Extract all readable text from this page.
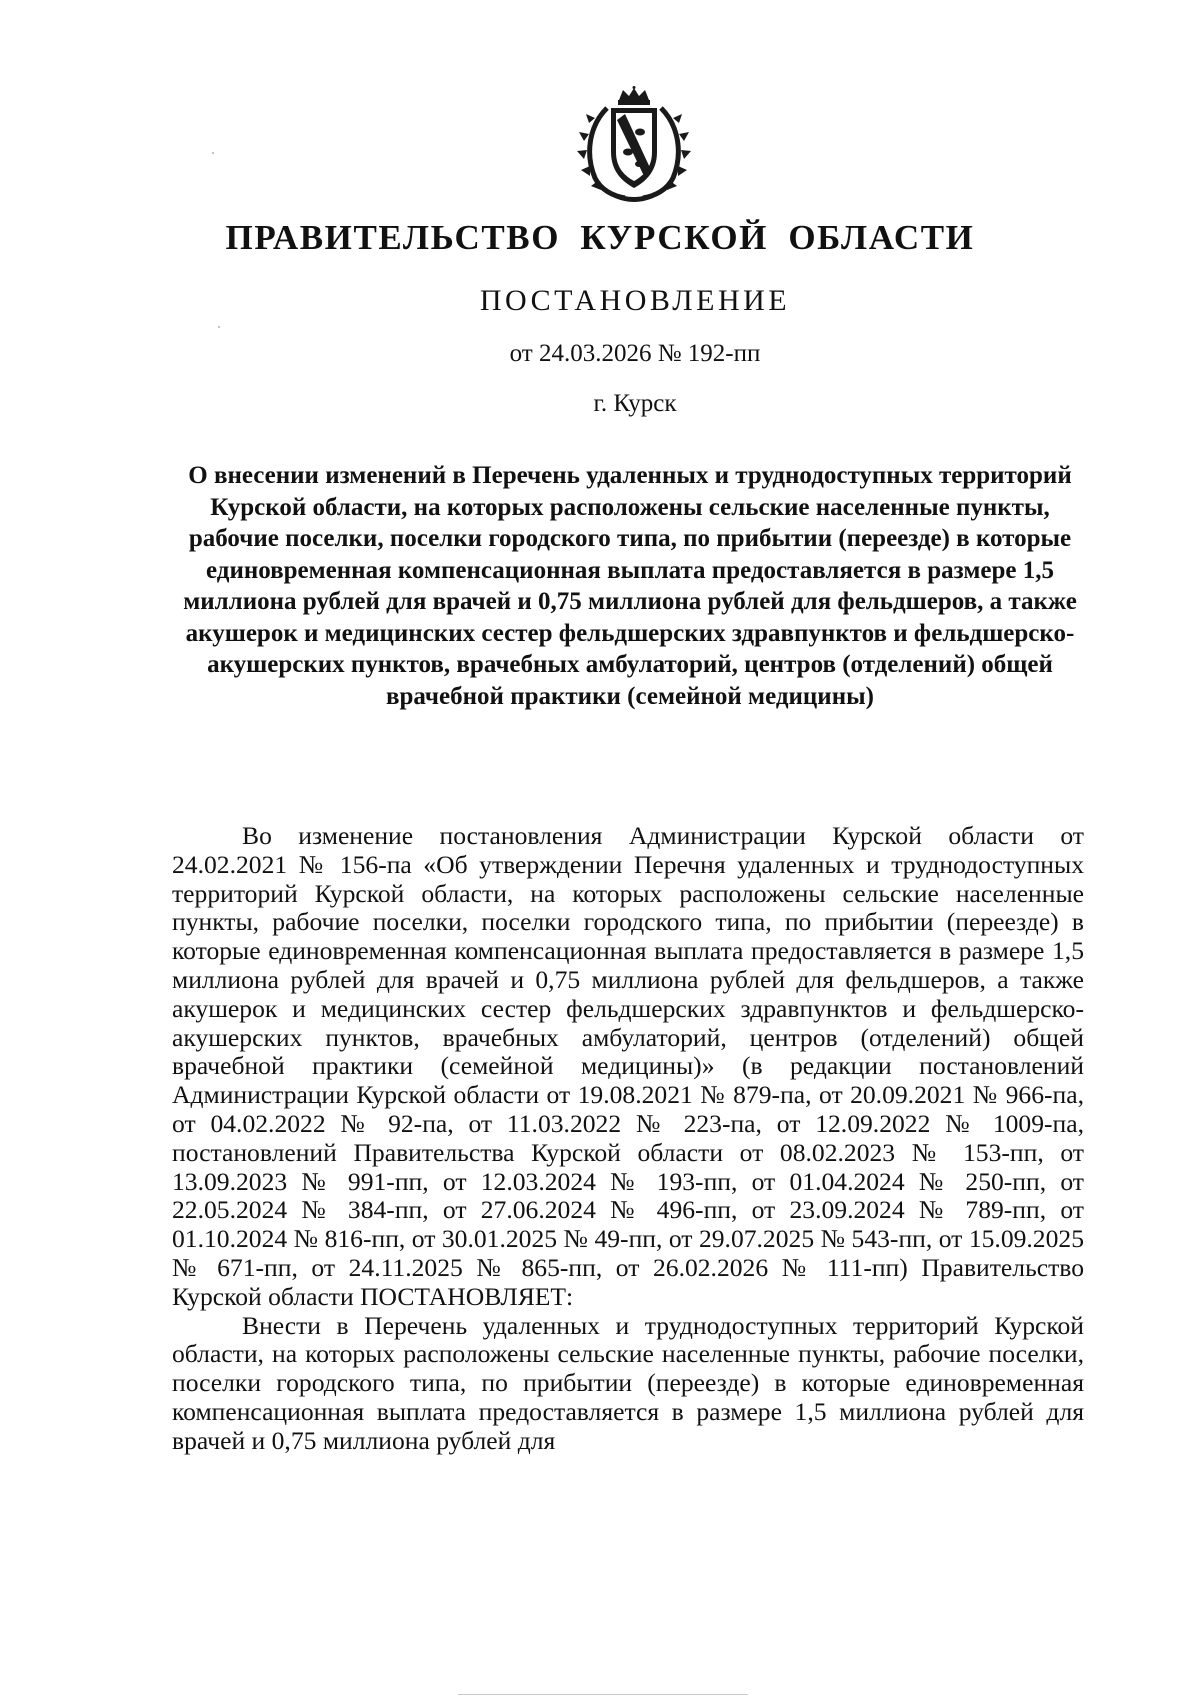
ПРАВИТЕЛЬСТВО КУРСКОЙ ОБЛАСТИ
ПОСТАНОВЛЕНИЕ
от 24.03.2026 № 192-пп
г. Курск
О внесении изменений в Перечень удаленных и труднодоступных территорий Курской области, на которых расположены сельские населенные пункты, рабочие поселки, поселки городского типа, по прибытии (переезде) в которые единовременная компенсационная выплата предоставляется в размере 1,5 миллиона рублей для врачей и 0,75 миллиона рублей для фельдшеров, а также акушерок и медицинских сестер фельдшерских здравпунктов и фельдшерско-акушерских пунктов, врачебных амбулаторий, центров (отделений) общей врачебной практики (семейной медицины)

Во изменение постановления Администрации Курской области от 24.02.2021 № 156-па «Об утверждении Перечня удаленных и труднодоступных территорий Курской области, на которых расположены сельские населенные пункты, рабочие поселки, поселки городского типа, по прибытии (переезде) в которые единовременная компенсационная выплата предоставляется в размере 1,5 миллиона рублей для врачей и 0,75 миллиона рублей для фельдшеров, а также акушерок и медицинских сестер фельдшерских здравпунктов и фельдшерско-акушерских пунктов, врачебных амбулаторий, центров (отделений) общей врачебной практики (семейной медицины)» (в редакции постановлений Администрации Курской области от 19.08.2021 № 879-па, от 20.09.2021 № 966-па, от 04.02.2022 № 92-па, от 11.03.2022 № 223-па, от 12.09.2022 № 1009-па, постановлений Правительства Курской области от 08.02.2023 № 153-пп, от 13.09.2023 № 991-пп, от 12.03.2024 № 193-пп, от 01.04.2024 № 250-пп, от 22.05.2024 № 384-пп, от 27.06.2024 № 496-пп, от 23.09.2024 № 789-пп, от 01.10.2024 № 816-пп, от 30.01.2025 № 49-пп, от 29.07.2025 № 543-пп, от 15.09.2025 № 671-пп, от 24.11.2025 № 865-пп, от 26.02.2026 № 111-пп) Правительство Курской области ПОСТАНОВЛЯЕТ:

Внести в Перечень удаленных и труднодоступных территорий Курской области, на которых расположены сельские населенные пункты, рабочие поселки, поселки городского типа, по прибытии (переезде) в которые единовременная компенсационная выплата предоставляется в размере 1,5 миллиона рублей для врачей и 0,75 миллиона рублей для
